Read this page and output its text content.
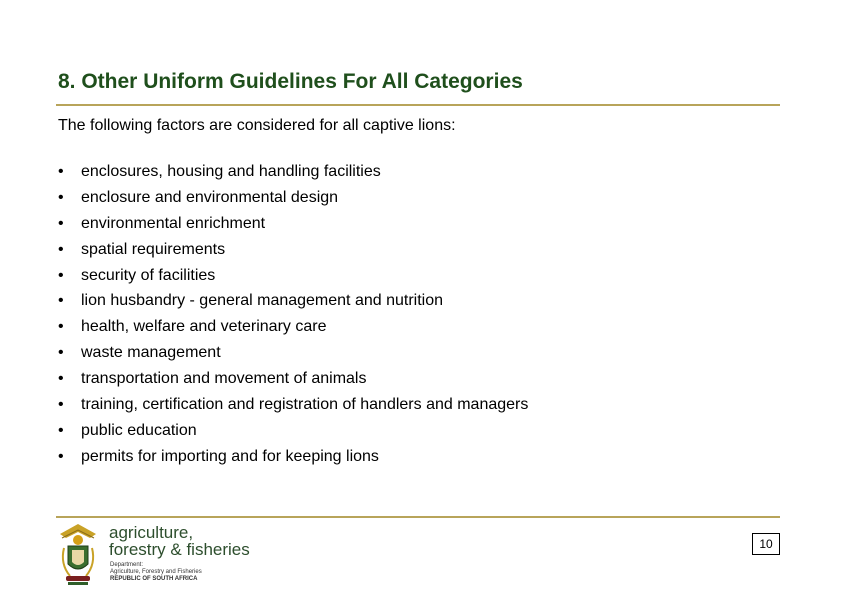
8. Other Uniform Guidelines For All Categories
The following factors are considered for all captive lions:
•	enclosures, housing and handling facilities
•	enclosure and environmental design
•	environmental enrichment
•	spatial requirements
•	security of facilities
•	lion husbandry - general management and nutrition
•	health, welfare and veterinary care
•	waste management
•	transportation and movement of animals
•	training, certification and registration of handlers and managers
•	public education
•	permits for importing and for keeping lions
agriculture,
forestry & fisheries
Department:
Agriculture, Forestry and Fisheries
REPUBLIC OF SOUTH AFRICA
10
